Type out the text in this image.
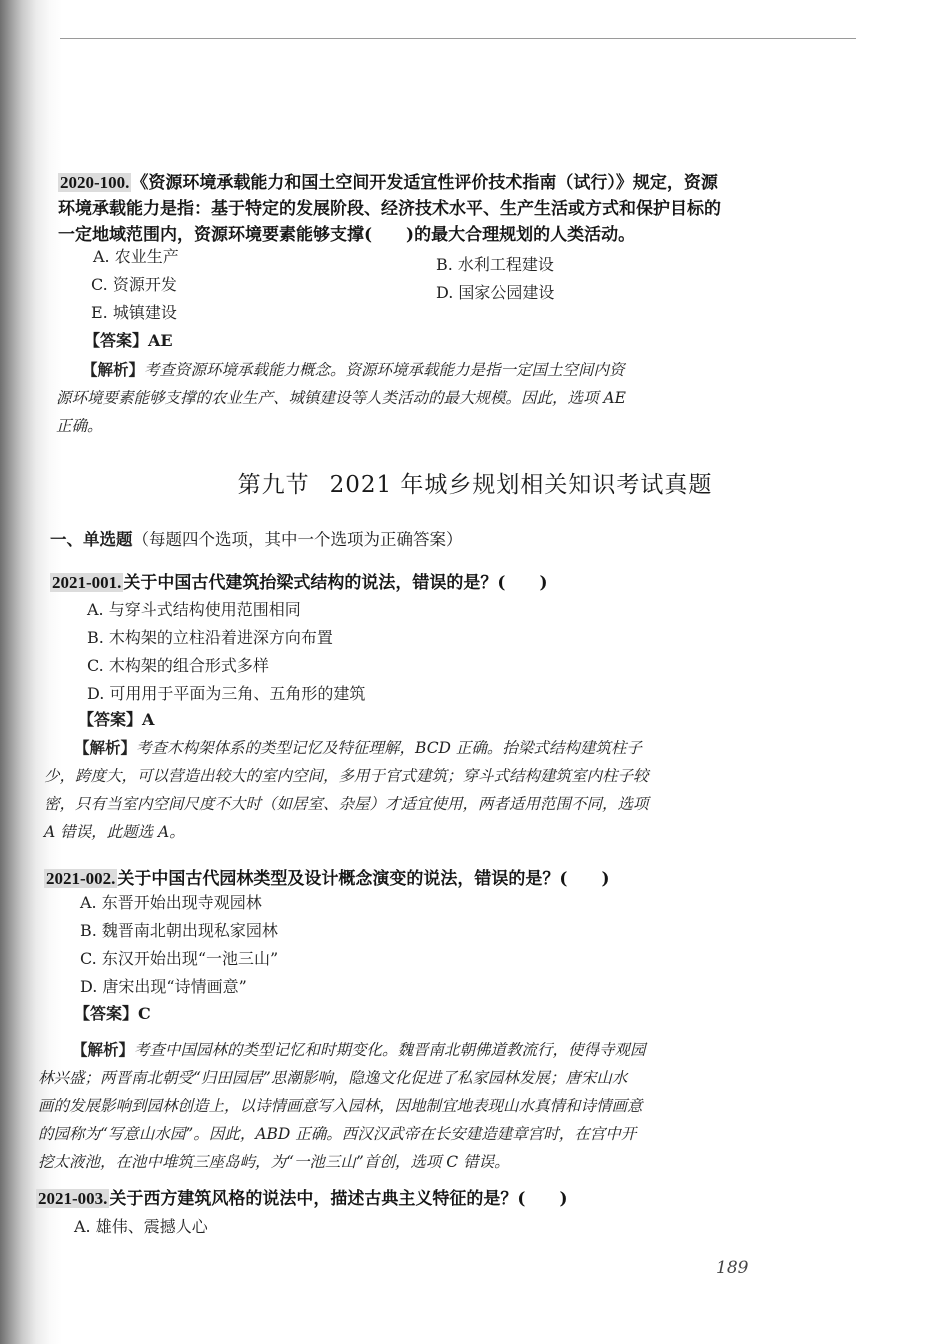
2020-100. 《资源环境承载能力和国土空间开发适宜性评价技术指南（试行）》规定，资源
环境承载能力是指：基于特定的发展阶段、经济技术水平、生产生活或方式和保护目标的
一定地域范围内，资源环境要素能够支撑(　　)的最大合理规划的人类活动。
A. 农业生产	B. 水利工程建设
C. 资源开发	D. 国家公园建设
E. 城镇建设
【答案】AE
【解析】考查资源环境承载能力概念。资源环境承载能力是指一定国土空间内资
源环境要素能够支撑的农业生产、城镇建设等人类活动的最大规模。因此，选项 AE
正确。
第九节 2021 年城乡规划相关知识考试真题
一、单选题（每题四个选项，其中一个选项为正确答案）
2021-001. 关于中国古代建筑抬梁式结构的说法，错误的是？(　　)
A. 与穿斗式结构使用范围相同
B. 木构架的立柱沿着进深方向布置
C. 木构架的组合形式多样
D. 可用用于平面为三角、五角形的建筑
【答案】A
【解析】考查木构架体系的类型记忆及特征理解，BCD 正确。抬梁式结构建筑柱子
少，跨度大，可以营造出较大的室内空间，多用于官式建筑；穿斗式结构建筑室内柱子较
密，只有当室内空间尺度不大时（如居室、杂屋）才适宜使用，两者适用范围不同，选项
A 错误，此题选 A。
2021-002. 关于中国古代园林类型及设计概念演变的说法，错误的是？(　　)
A. 东晋开始出现寺观园林
B. 魏晋南北朝出现私家园林
C. 东汉开始出现“一池三山”
D. 唐宋出现“诗情画意”
【答案】C
【解析】考查中国园林的类型记忆和时期变化。魏晋南北朝佛道教流行，使得寺观园
林兴盛；两晋南北朝受“归田园居”思潮影响，隐逸文化促进了私家园林发展；唐宋山水
画的发展影响到园林创造上，以诗情画意写入园林，因地制宜地表现山水真情和诗情画意
的园称为“写意山水园”。因此，ABD 正确。西汉汉武帝在长安建造建章宫时，在宫中开
挖太液池，在池中堆筑三座岛屿，为“一池三山”首创，选项 C 错误。
2021-003. 关于西方建筑风格的说法中，描述古典主义特征的是？(　　)
A. 雄伟、震撼人心
189
